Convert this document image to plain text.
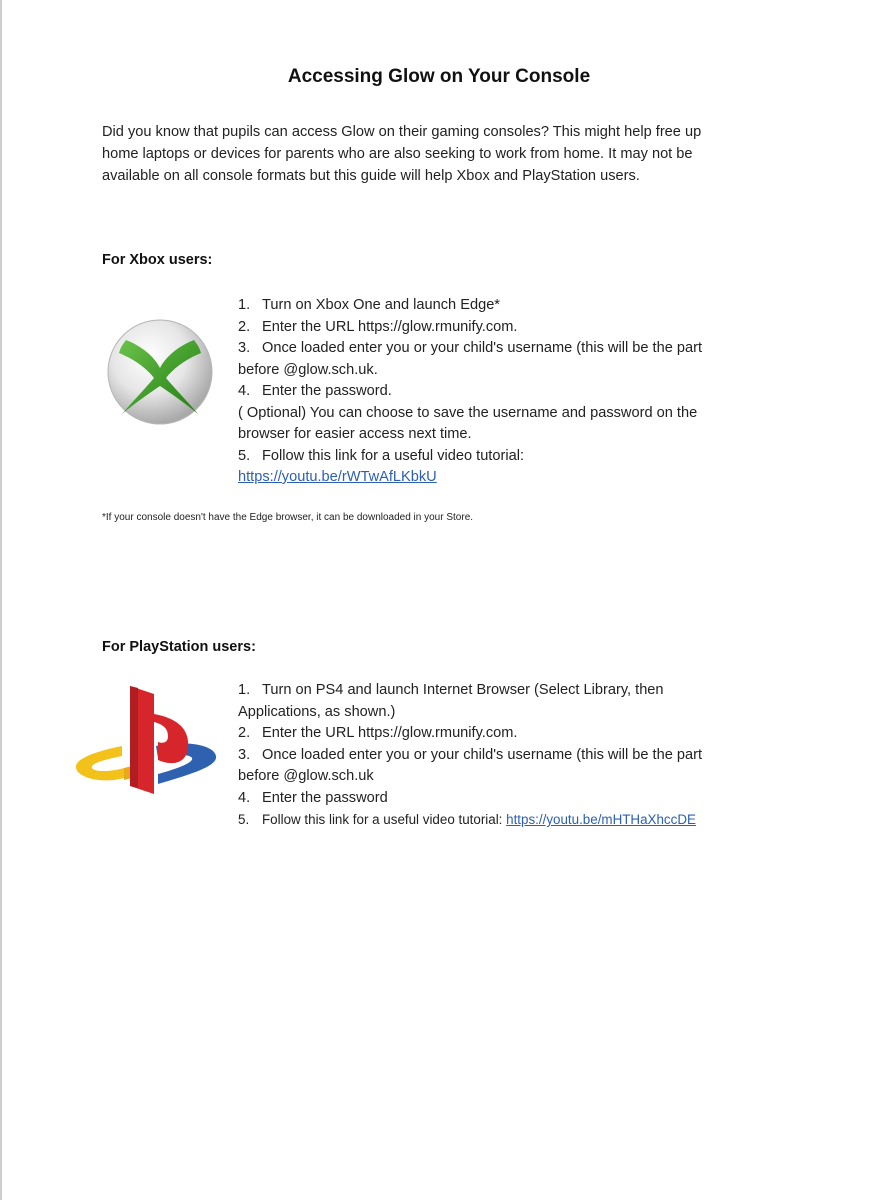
Accessing Glow on Your Console
Did you know that pupils can access Glow on their gaming consoles? This might help free up
home laptops or devices for parents who are also seeking to work from home. It may not be
available on all console formats but this guide will help Xbox and PlayStation users.
For Xbox users:
1. Turn on Xbox One and launch Edge*
2. Enter the URL https://glow.rmunify.com.
3. Once loaded enter you or your child's username (this will be the part
before @glow.sch.uk.
4. Enter the password.
( Optional) You can choose to save the username and password on the
browser for easier access next time.
5. Follow this link for a useful video tutorial:
https://youtu.be/rWTwAfLKbkU
*If your console doesn't have the Edge browser, it can be downloaded in your Store.
For PlayStation users:
1. Turn on PS4 and launch Internet Browser (Select Library, then
Applications, as shown.)
2. Enter the URL https://glow.rmunify.com.
3. Once loaded enter you or your child's username (this will be the part
before @glow.sch.uk
4. Enter the password
5. Follow this link for a useful video tutorial: https://youtu.be/mHTHaXhccDE
